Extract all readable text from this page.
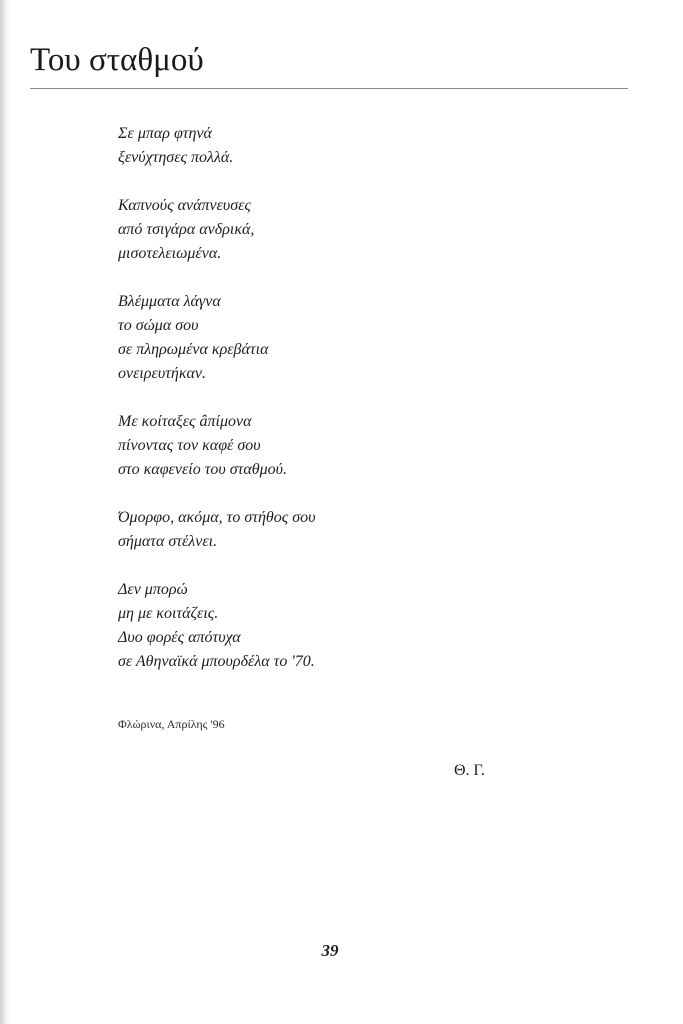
Του σταθμού
Σε μπαρ φτηνά
ξενύχτησες πολλά.
Καπνούς ανάπνευσες
από τσιγάρα ανδρικά,
μισοτελειωμένα.
Βλέμματα λάγνα
το σώμα σου
σε πληρωμένα κρεβάτια
ονειρευτήκαν.
Με κοίταξες âπίμονα
πίνοντας τον καφέ σου
στο καφενείο του σταθμού.
Όμορφο, ακόμα, το στήθος σου
σήματα στέλνει.
Δεν μπορώ
μη με κοιτάζεις.
Δυο φορές απότυχα
σε Αθηναϊκά μπουρδέλα το '70.
Φλώρινα, Απρίλης '96
Θ. Γ.
39
